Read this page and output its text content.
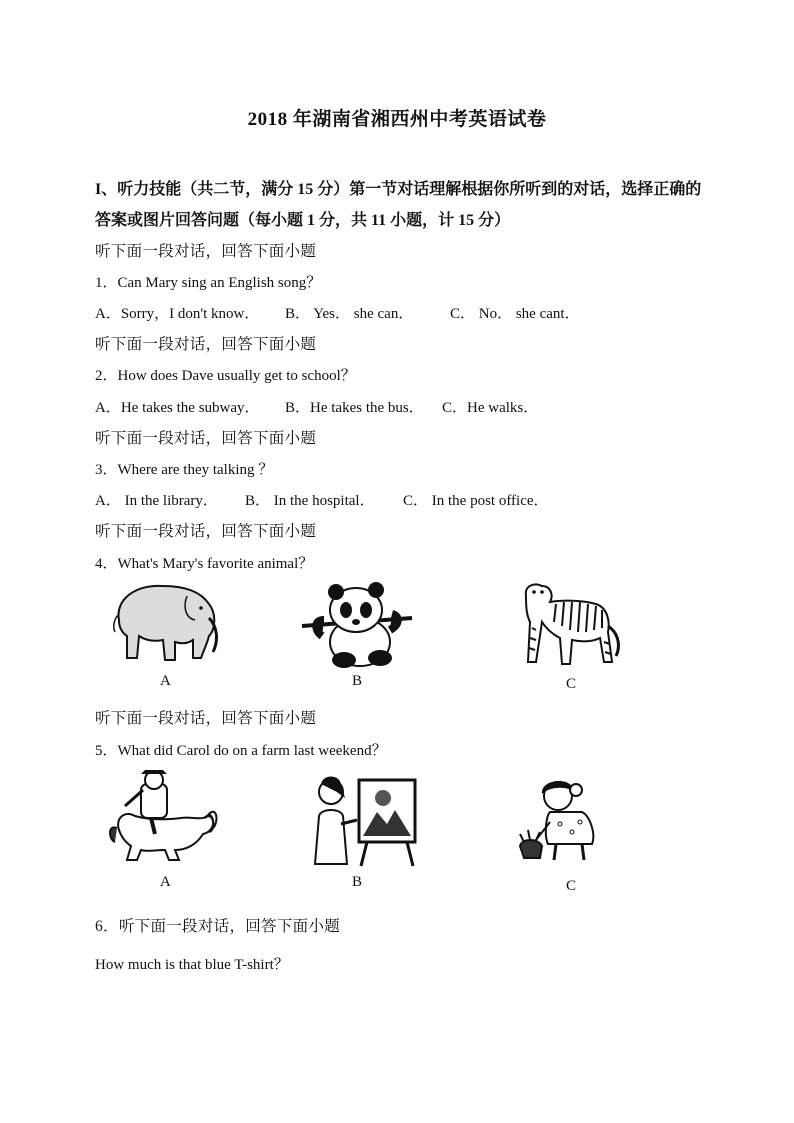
2018 年湖南省湘西州中考英语试卷
I、听力技能（共二节，满分 15 分）第一节对话理解根据你所听到的对话，选择正确的
答案或图片回答问题（每小题 1 分，共 11 小题，计 15 分）
听下面一段对话，回答下面小题
1．Can Mary sing an English song？
A．Sorry，I don't know． B． Yes． she can． C． No． she cant．
听下面一段对话，回答下面小题
2．How does Dave usually get to school？
A．He takes the subway． B．He takes the bus． C．He walks．
听下面一段对话，回答下面小题
3．Where are they talking ？
A． In the library． B． In the hospital． C． In the post office．
听下面一段对话，回答下面小题
4．What's Mary's favorite animal？
A	B	C
听下面一段对话，回答下面小题
5．What did Carol do on a farm last weekend？
A	B	C
6．听下面一段对话，回答下面小题
How much is that blue T-shirt？
